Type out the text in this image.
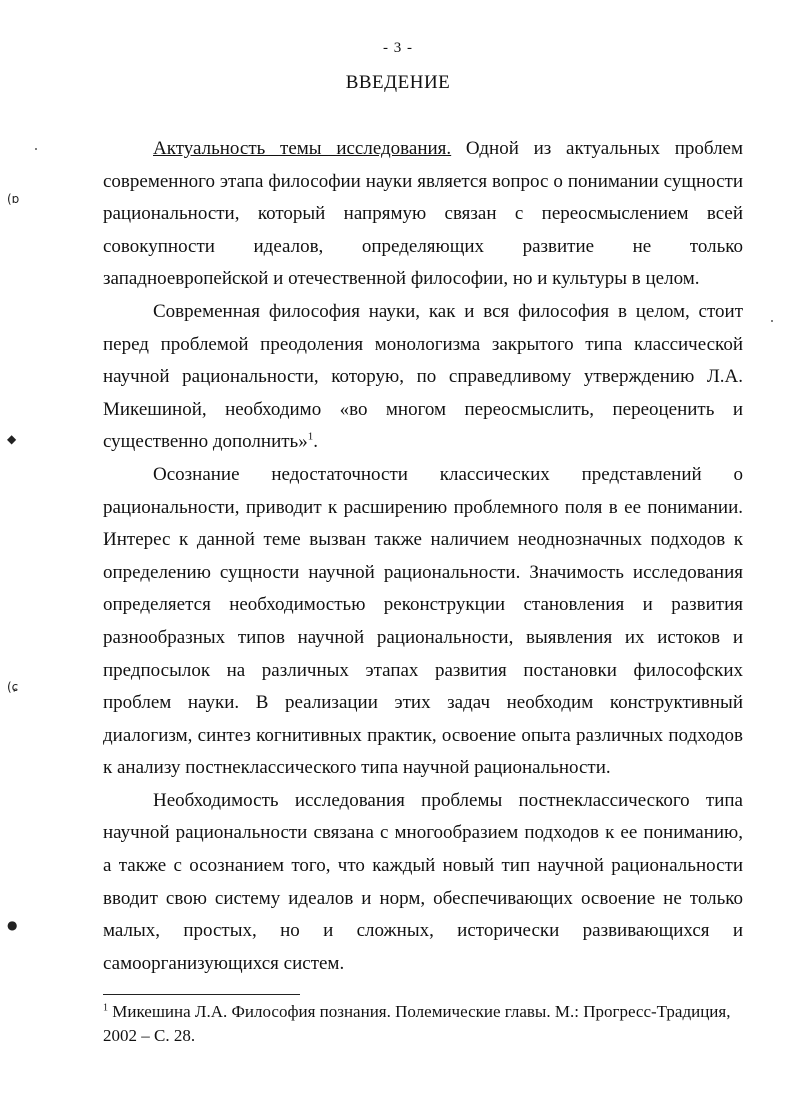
- 3 -
ВВЕДЕНИЕ

Актуальность темы исследования. Одной из актуальных проблем современного этапа философии науки является вопрос о понимании сущности рациональности, который напрямую связан с переосмыслением всей совокупности идеалов, определяющих развитие не только западноевропейской и отечественной философии, но и культуры в целом.

Современная философия науки, как и вся философия в целом, стоит перед проблемой преодоления монологизма закрытого типа классической научной рациональности, которую, по справедливому утверждению Л.А. Микешиной, необходимо «во многом переосмыслить, переоценить и существенно дополнить»$^1$.

Осознание недостаточности классических представлений о рациональности, приводит к расширению проблемного поля в ее понимании. Интерес к данной теме вызван также наличием неоднозначных подходов к определению сущности научной рациональности. Значимость исследования определяется необходимостью реконструкции становления и развития разнообразных типов научной рациональности, выявления их истоков и предпосылок на различных этапах развития постановки философских проблем науки. В реализации этих задач необходим конструктивный диалогизм, синтез когнитивных практик, освоение опыта различных подходов к анализу постнеклассического типа научной рациональности.

Необходимость исследования проблемы постнеклассического типа научной рациональности связана с многообразием подходов к ее пониманию, а также с осознанием того, что каждый новый тип научной рациональности вводит свою систему идеалов и норм, обеспечивающих освоение не только малых, простых, но и сложных, исторически развивающихся и самоорганизующихся систем.

$^1$ Микешина Л.А. Философия познания. Полемические главы. М.: Прогресс-Традиция, 2002 – С. 28.
(ɒ
◆
(ɕ
●
